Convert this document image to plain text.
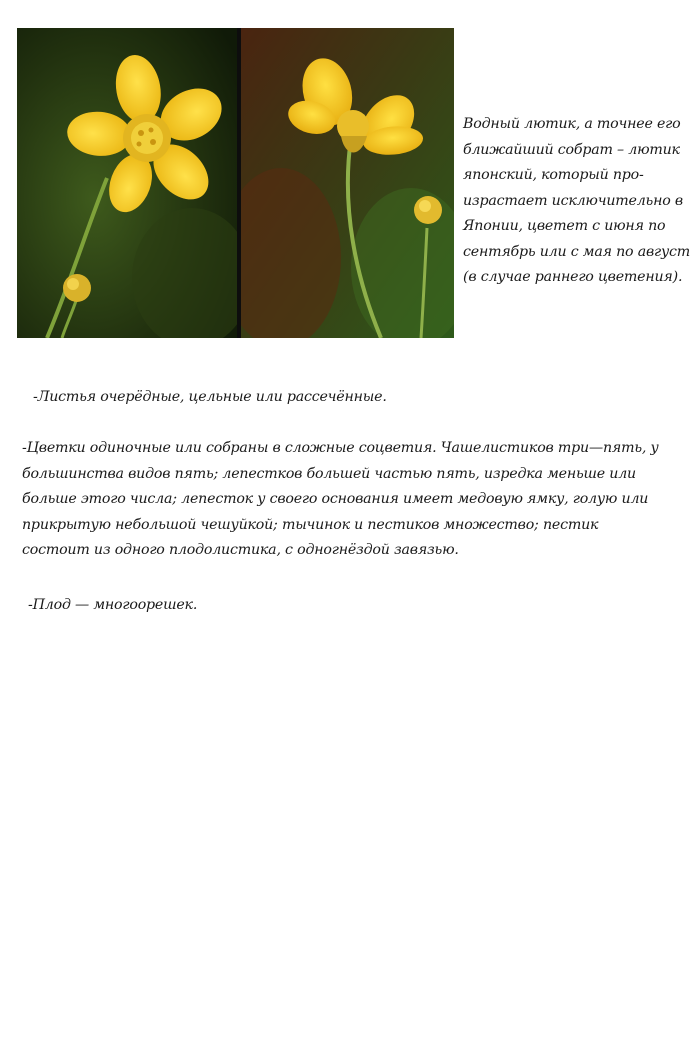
Водный лютик, а точнее его
ближайший собрат – лютик
японский, который про-
израстает исключительно в
Японии, цветет с июня по
сентябрь или с мая по август
(в случае раннего цветения).
-Листья очерёдные, цельные или рассечённые.
-Цветки одиночные или собраны в сложные соцветия. Чашелистиков три—пять, у
большинства видов пять; лепестков большей частью пять, изредка меньше или
больше этого числа; лепесток у своего основания имеет медовую ямку, голую или
прикрытую небольшой чешуйкой; тычинок и пестиков множество; пестик
состоит из одного плодолистика, с одногнёздой завязью.
-Плод — многоорешек.
